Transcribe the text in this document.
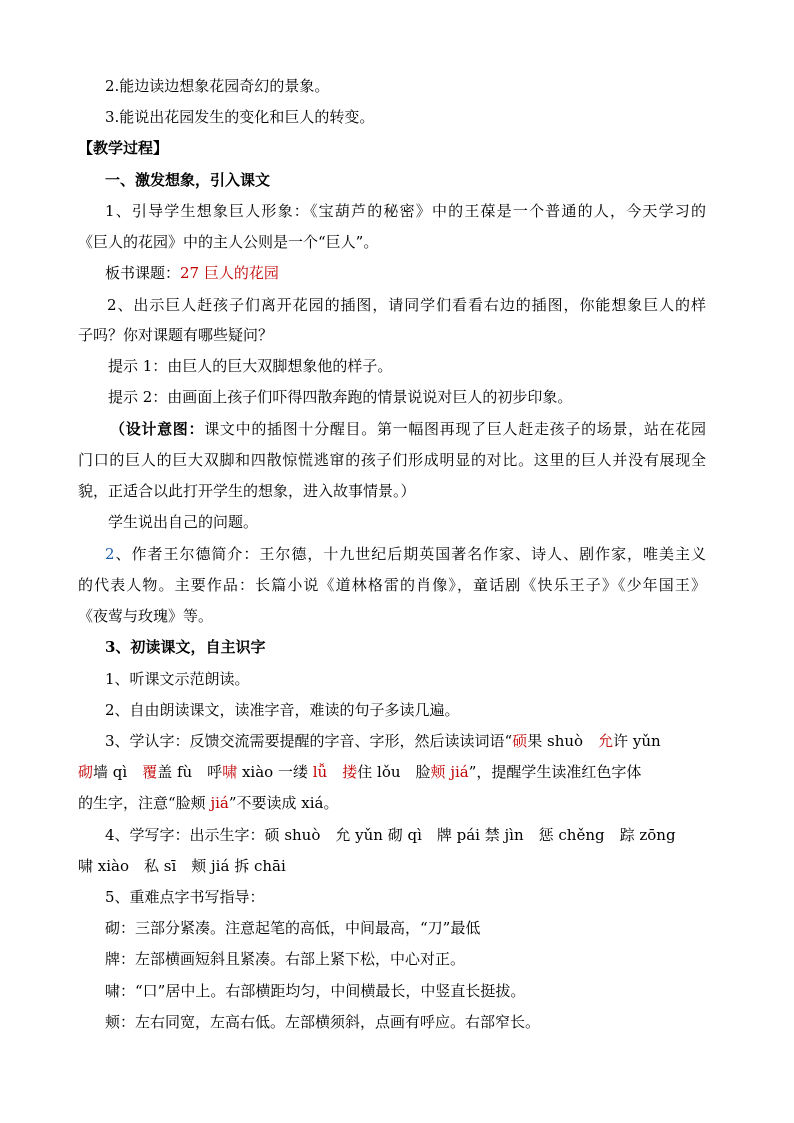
2.能边读边想象花园奇幻的景象。
3.能说出花园发生的变化和巨人的转变。
【教学过程】
一、激发想象，引入课文
1、引导学生想象巨人形象：《宝葫芦的秘密》中的王葆是一个普通的人，今天学习的
《巨人的花园》中的主人公则是一个“巨人”。
板书课题：27 巨人的花园
2、出示巨人赶孩子们离开花园的插图，请同学们看看右边的插图，你能想象巨人的样
子吗？你对课题有哪些疑问？
提示 1：由巨人的巨大双脚想象他的样子。
提示 2：由画面上孩子们吓得四散奔跑的情景说说对巨人的初步印象。
（设计意图：课文中的插图十分醒目。第一幅图再现了巨人赶走孩子的场景，站在花园
门口的巨人的巨大双脚和四散惊慌逃窜的孩子们形成明显的对比。这里的巨人并没有展现全
貌，正适合以此打开学生的想象，进入故事情景。）
学生说出自己的问题。
2、作者王尔德简介：王尔德，十九世纪后期英国著名作家、诗人、剧作家，唯美主义
的代表人物。主要作品：长篇小说《道林格雷的肖像》，童话剧《快乐王子》《少年国王》
《夜莺与玫瑰》等。
3、初读课文，自主识字
1、听课文示范朗读。
2、自由朗读课文，读准字音，难读的句子多读几遍。
3、学认字：反馈交流需要提醒的字音、字形，然后读读词语“硕果 shuò　允许 yǔn
砌墙 qì　覆盖 fù　呼啸 xiào 一缕 lǚ　 搂住 lǒu　脸颊 jiá”，提醒学生读准红色字体
的生字，注意“脸颊 jiá”不要读成 xiá。
4、学写字：出示生字：硕 shuò　允 yǔn 砌 qì　牌 pái 禁 jìn　惩 chěng　踪 zōng
啸 xiào　私 sī　颊 jiá 拆 chāi
5、重难点字书写指导：
砌：三部分紧凑。注意起笔的高低，中间最高，“刀”最低
牌：左部横画短斜且紧凑。右部上紧下松，中心对正。
啸：“口”居中上。右部横距均匀，中间横最长，中竖直长挺拔。
颊：左右同宽，左高右低。左部横须斜，点画有呼应。右部窄长。
